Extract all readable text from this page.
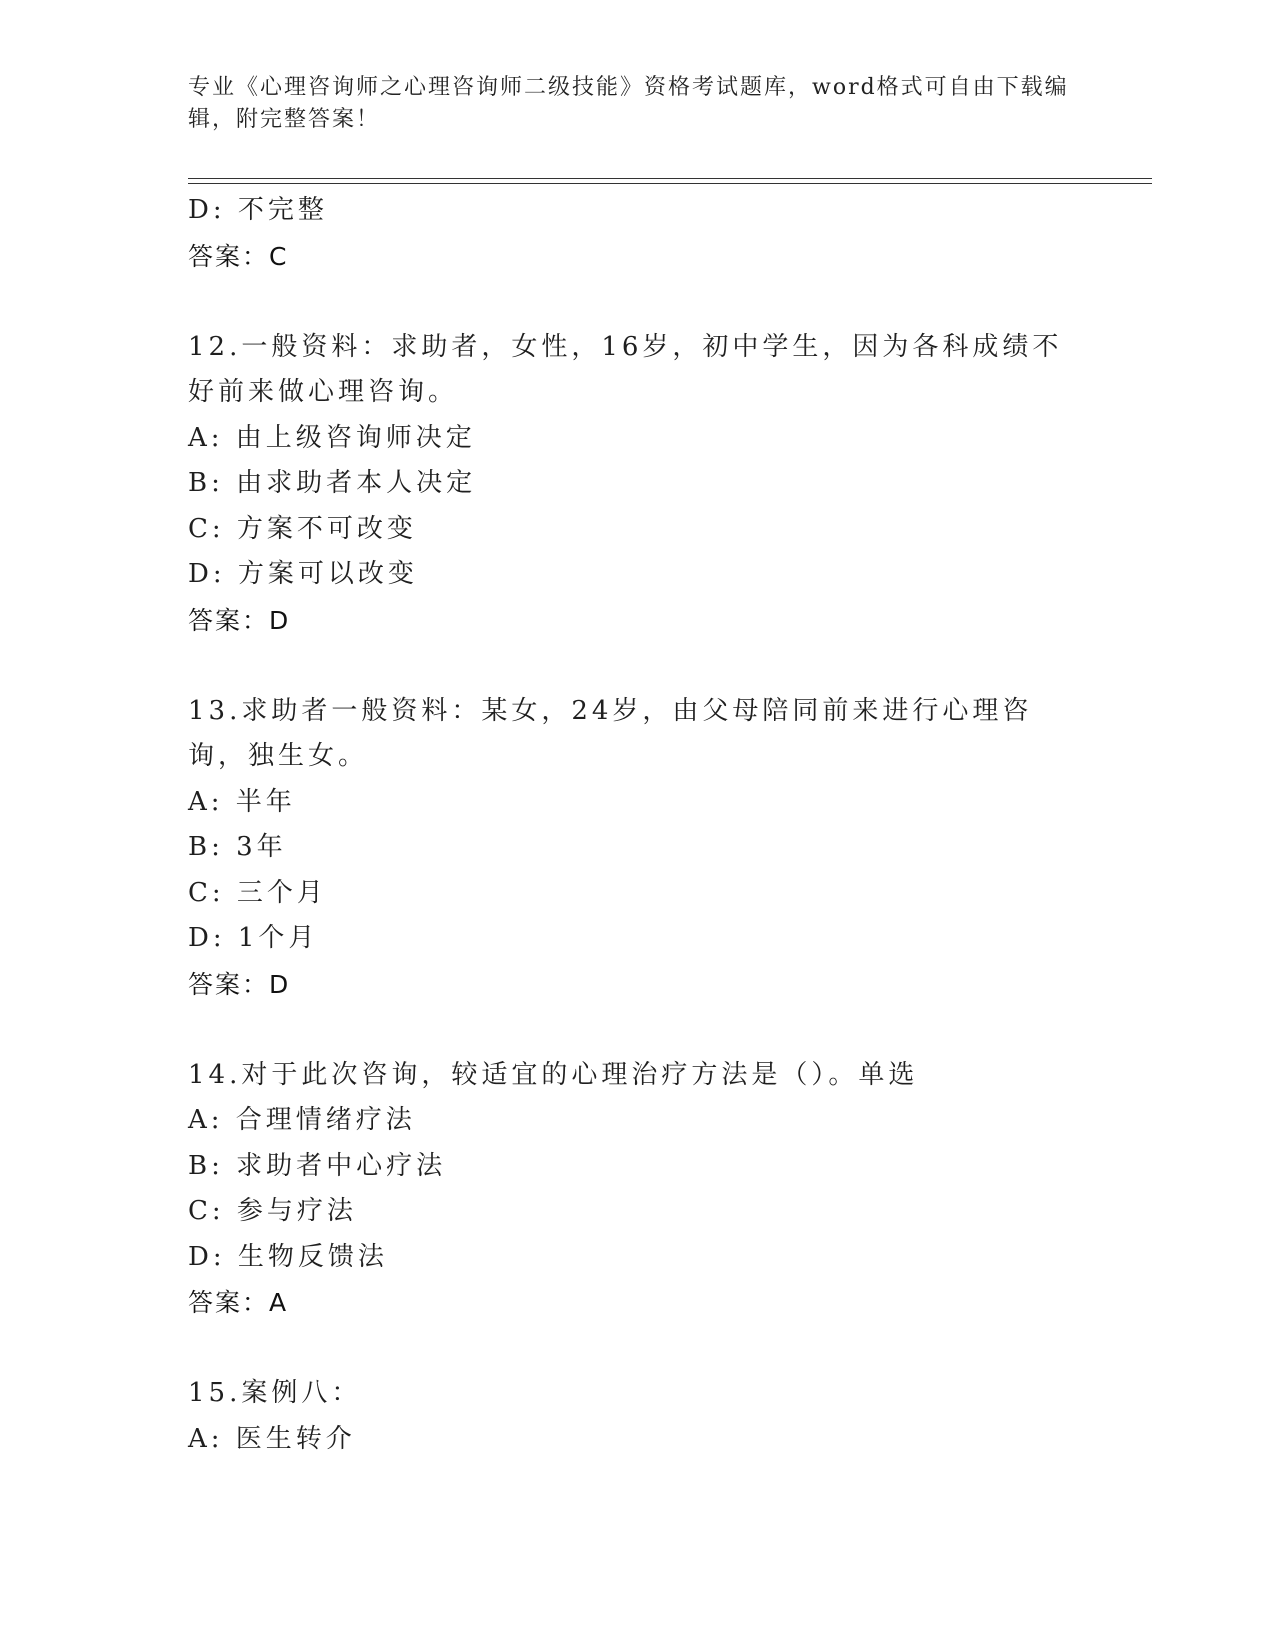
专业《心理咨询师之心理咨询师二级技能》资格考试题库，word格式可自由下载编辑，附完整答案！
D: 不完整
答案：C
12.一般资料：求助者，女性，16岁，初中学生，因为各科成绩不好前来做心理咨询。
A: 由上级咨询师决定
B: 由求助者本人决定
C: 方案不可改变
D: 方案可以改变
答案：D
13.求助者一般资料：某女，24岁，由父母陪同前来进行心理咨询，独生女。
A: 半年
B: 3年
C: 三个月
D: 1个月
答案：D
14.对于此次咨询，较适宜的心理治疗方法是（）。单选
A: 合理情绪疗法
B: 求助者中心疗法
C: 参与疗法
D: 生物反馈法
答案：A
15.案例八：
A: 医生转介
